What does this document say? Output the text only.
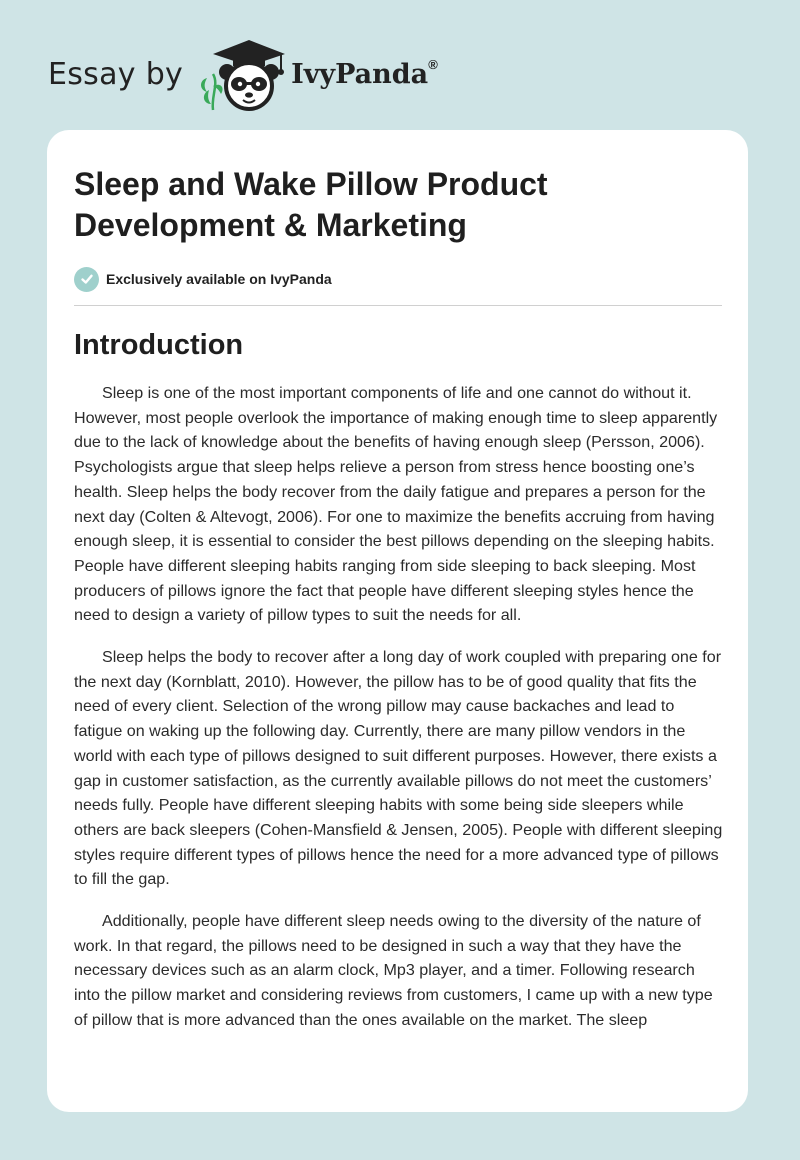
Essay by	IvyPanda®
Sleep and Wake Pillow Product
Development & Marketing
Exclusively available on IvyPanda
Introduction

Sleep is one of the most important components of life and one cannot do without it. However, most people overlook the importance of making enough time to sleep apparently due to the lack of knowledge about the benefits of having enough sleep (Persson, 2006). Psychologists argue that sleep helps relieve a person from stress hence boosting one’s health. Sleep helps the body recover from the daily fatigue and prepares a person for the next day (Colten & Altevogt, 2006). For one to maximize the benefits accruing from having enough sleep, it is essential to consider the best pillows depending on the sleeping habits. People have different sleeping habits ranging from side sleeping to back sleeping. Most producers of pillows ignore the fact that people have different sleeping styles hence the need to design a variety of pillow types to suit the needs for all.

Sleep helps the body to recover after a long day of work coupled with preparing one for the next day (Kornblatt, 2010). However, the pillow has to be of good quality that fits the need of every client. Selection of the wrong pillow may cause backaches and lead to fatigue on waking up the following day. Currently, there are many pillow vendors in the world with each type of pillows designed to suit different purposes. However, there exists a gap in customer satisfaction, as the currently available pillows do not meet the customers’ needs fully. People have different sleeping habits with some being side sleepers while others are back sleepers (Cohen-Mansfield & Jensen, 2005). People with different sleeping styles require different types of pillows hence the need for a more advanced type of pillows to fill the gap.

Additionally, people have different sleep needs owing to the diversity of the nature of work. In that regard, the pillows need to be designed in such a way that they have the necessary devices such as an alarm clock, Mp3 player, and a timer. Following research into the pillow market and considering reviews from customers, I came up with a new type of pillow that is more advanced than the ones available on the market. The sleep
